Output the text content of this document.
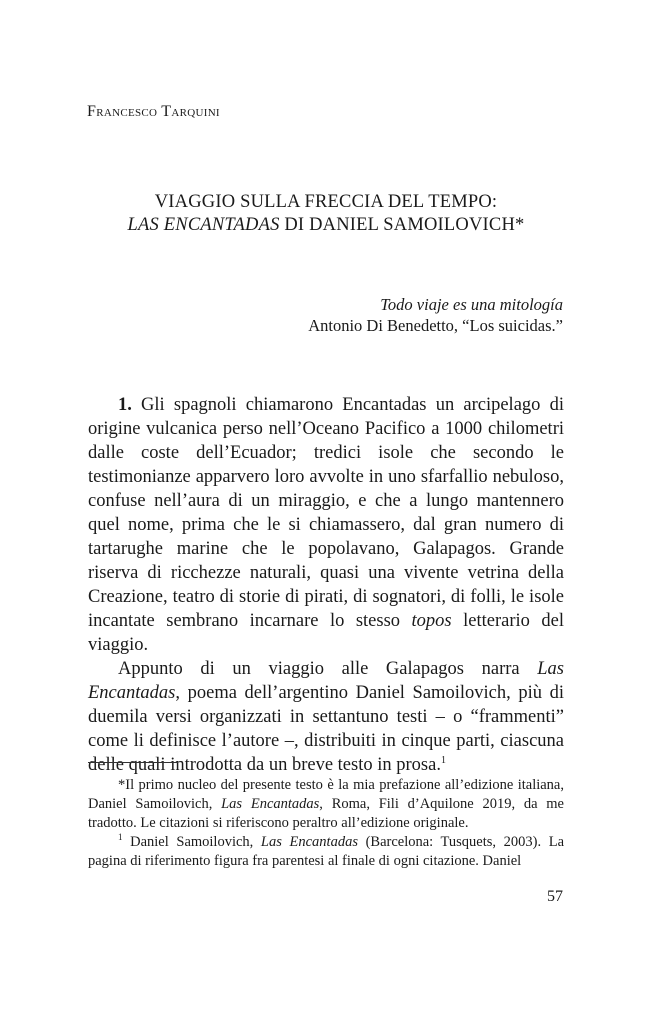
Francesco Tarquini
VIAGGIO SULLA FRECCIA DEL TEMPO:
LAS ENCANTADAS DI DANIEL SAMOILOVICH*
Todo viaje es una mitología
Antonio Di Benedetto, “Los suicidas.”

1. Gli spagnoli chiamarono Encantadas un arcipelago di origine vulcanica perso nell’Oceano Pacifico a 1000 chilometri dalle coste dell’Ecuador; tredici isole che secondo le testimonianze apparvero loro avvolte in uno sfarfallio nebuloso, confuse nell’aura di un miraggio, e che a lungo mantennero quel nome, prima che le si chiamassero, dal gran numero di tartarughe marine che le popolavano, Galapagos. Grande riserva di ricchezze naturali, quasi una vivente vetrina della Creazione, teatro di storie di pirati, di sognatori, di folli, le isole incantate sembrano incarnare lo stesso topos letterario del viaggio.

Appunto di un viaggio alle Galapagos narra Las Encantadas, poema dell’argentino Daniel Samoilovich, più di duemila versi organizzati in settantuno testi – o “frammenti” come li definisce l’autore –, distribuiti in cinque parti, ciascuna delle quali introdotta da un breve testo in prosa.$^1$

*Il primo nucleo del presente testo è la mia prefazione all’edizione italiana, Daniel Samoilovich, Las Encantadas, Roma, Fili d’Aquilone 2019, da me tradotto. Le citazioni si riferiscono peraltro all’edizione originale.

$^1$ Daniel Samoilovich, Las Encantadas (Barcelona: Tusquets, 2003). La pagina di riferimento figura fra parentesi al finale di ogni citazione. Daniel

57
